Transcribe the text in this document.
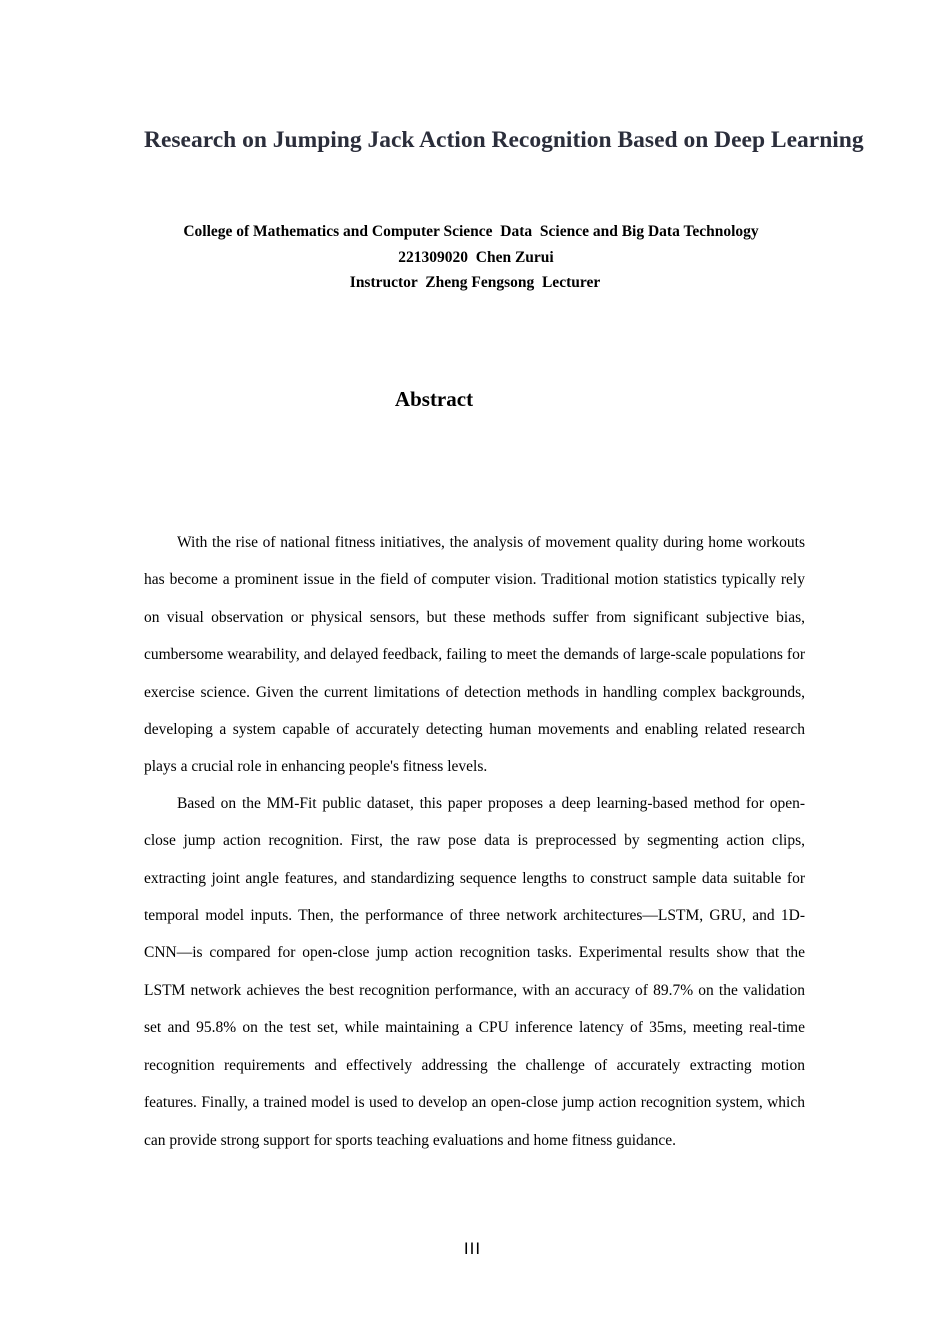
Research on Jumping Jack Action Recognition Based on Deep Learning

College of Mathematics and Computer Science  Data  Science and Big Data Technology

221309020  Chen Zurui

Instructor  Zheng Fengsong  Lecturer

Abstract

With the rise of national fitness initiatives, the analysis of movement quality during home workouts has become a prominent issue in the field of computer vision. Traditional motion statistics typically rely on visual observation or physical sensors, but these methods suffer from significant subjective bias, cumbersome wearability, and delayed feedback, failing to meet the demands of large-scale populations for exercise science. Given the current limitations of detection methods in handling complex backgrounds, developing a system capable of accurately detecting human movements and enabling related research plays a crucial role in enhancing people's fitness levels.

Based on the MM-Fit public dataset, this paper proposes a deep learning-based method for open-close jump action recognition. First, the raw pose data is preprocessed by segmenting action clips, extracting joint angle features, and standardizing sequence lengths to construct sample data suitable for temporal model inputs. Then, the performance of three network architectures—LSTM, GRU, and 1D-CNN—is compared for open-close jump action recognition tasks. Experimental results show that the LSTM network achieves the best recognition performance, with an accuracy of 89.7% on the validation set and 95.8% on the test set, while maintaining a CPU inference latency of 35ms, meeting real-time recognition requirements and effectively addressing the challenge of accurately extracting motion features. Finally, a trained model is used to develop an open-close jump action recognition system, which can provide strong support for sports teaching evaluations and home fitness guidance.

III
